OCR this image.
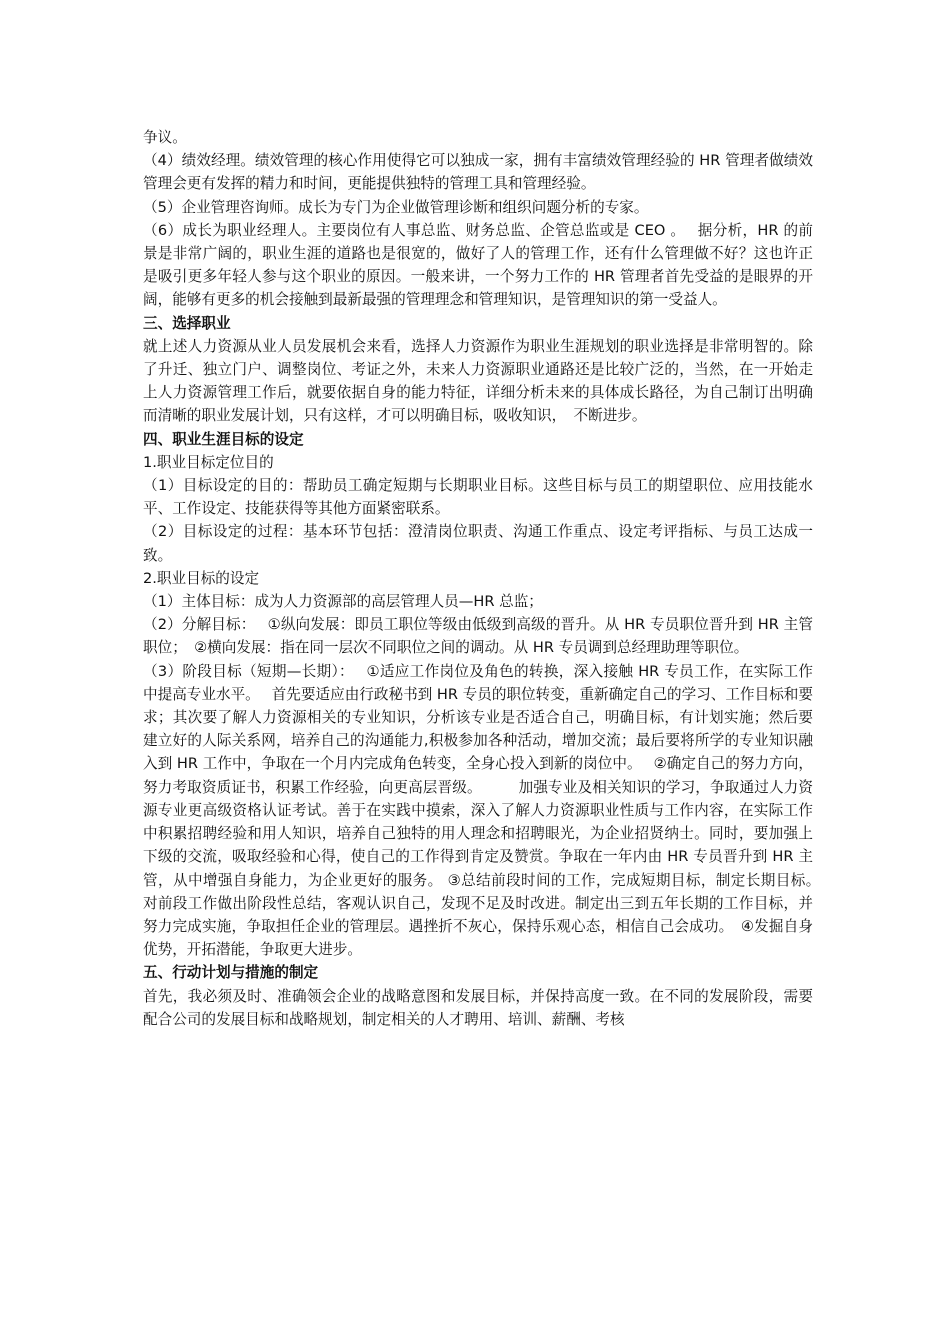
争议。

（4）绩效经理。绩效管理的核心作用使得它可以独成一家，拥有丰富绩效管理经验的 HR 管理者做绩效管理会更有发挥的精力和时间，更能提供独特的管理工具和管理经验。

（5）企业管理咨询师。成长为专门为企业做管理诊断和组织问题分析的专家。

（6）成长为职业经理人。主要岗位有人事总监、财务总监、企管总监或是 CEO 。　 据分析，HR 的前景是非常广阔的，职业生涯的道路也是很宽的，做好了人的管理工作，还有什么管理做不好？这也许正是吸引更多年轻人参与这个职业的原因。一般来讲，一个努力工作的 HR 管理者首先受益的是眼界的开阔，能够有更多的机会接触到最新最强的管理理念和管理知识，是管理知识的第一受益人。

三、选择职业

就上述人力资源从业人员发展机会来看，选择人力资源作为职业生涯规划的职业选择是非常明智的。除了升迁、独立门户、调整岗位、考证之外，未来人力资源职业通路还是比较广泛的，当然，在一开始走上人力资源管理工作后，就要依据自身的能力特征，详细分析未来的具体成长路径，为自己制订出明确而清晰的职业发展计划，只有这样，才可以明确目标，吸收知识，　不断进步。

四、职业生涯目标的设定

1.职业目标定位目的

（1）目标设定的目的：帮助员工确定短期与长期职业目标。这些目标与员工的期望职位、应用技能水平、工作设定、技能获得等其他方面紧密联系。

（2）目标设定的过程：基本环节包括：澄清岗位职责、沟通工作重点、设定考评指标、与员工达成一致。

2.职业目标的设定

（1）主体目标：成为人力资源部的高层管理人员—HR 总监；

（2）分解目标：　 ①纵向发展：即员工职位等级由低级到高级的晋升。从 HR 专员职位晋升到 HR 主管职位；　②横向发展：指在同一层次不同职位之间的调动。从 HR 专员调到总经理助理等职位。

（3）阶段目标（短期—长期）：　 ①适应工作岗位及角色的转换，深入接触 HR 专员工作，在实际工作中提高专业水平。　 首先要适应由行政秘书到 HR 专员的职位转变，重新确定自己的学习、工作目标和要求；其次要了解人力资源相关的专业知识，分析该专业是否适合自己，明确目标，有计划实施；然后要建立好的人际关系网，培养自己的沟通能力,积极参加各种活动，增加交流；最后要将所学的专业知识融入到 HR 工作中，争取在一个月内完成角色转变，全身心投入到新的岗位中。　 ②确定自己的努力方向，努力考取资质证书，积累工作经验，向更高层晋级。　　　加强专业及相关知识的学习，争取通过人力资源专业更高级资格认证考试。善于在实践中摸索，深入了解人力资源职业性质与工作内容，在实际工作中积累招聘经验和用人知识，培养自己独特的用人理念和招聘眼光，为企业招贤纳士。同时，要加强上下级的交流，吸取经验和心得，使自己的工作得到肯定及赞赏。争取在一年内由 HR 专员晋升到 HR 主管，从中增强自身能力，为企业更好的服务。 ③总结前段时间的工作，完成短期目标，制定长期目标。　　　对前段工作做出阶段性总结，客观认识自己，发现不足及时改进。制定出三到五年长期的工作目标，并努力完成实施，争取担任企业的管理层。遇挫折不灰心，保持乐观心态，相信自己会成功。　④发掘自身优势，开拓潜能，争取更大进步。

五、行动计划与措施的制定

首先，我必须及时、准确领会企业的战略意图和发展目标，并保持高度一致。在不同的发展阶段，需要配合公司的发展目标和战略规划，制定相关的人才聘用、培训、薪酬、考核
